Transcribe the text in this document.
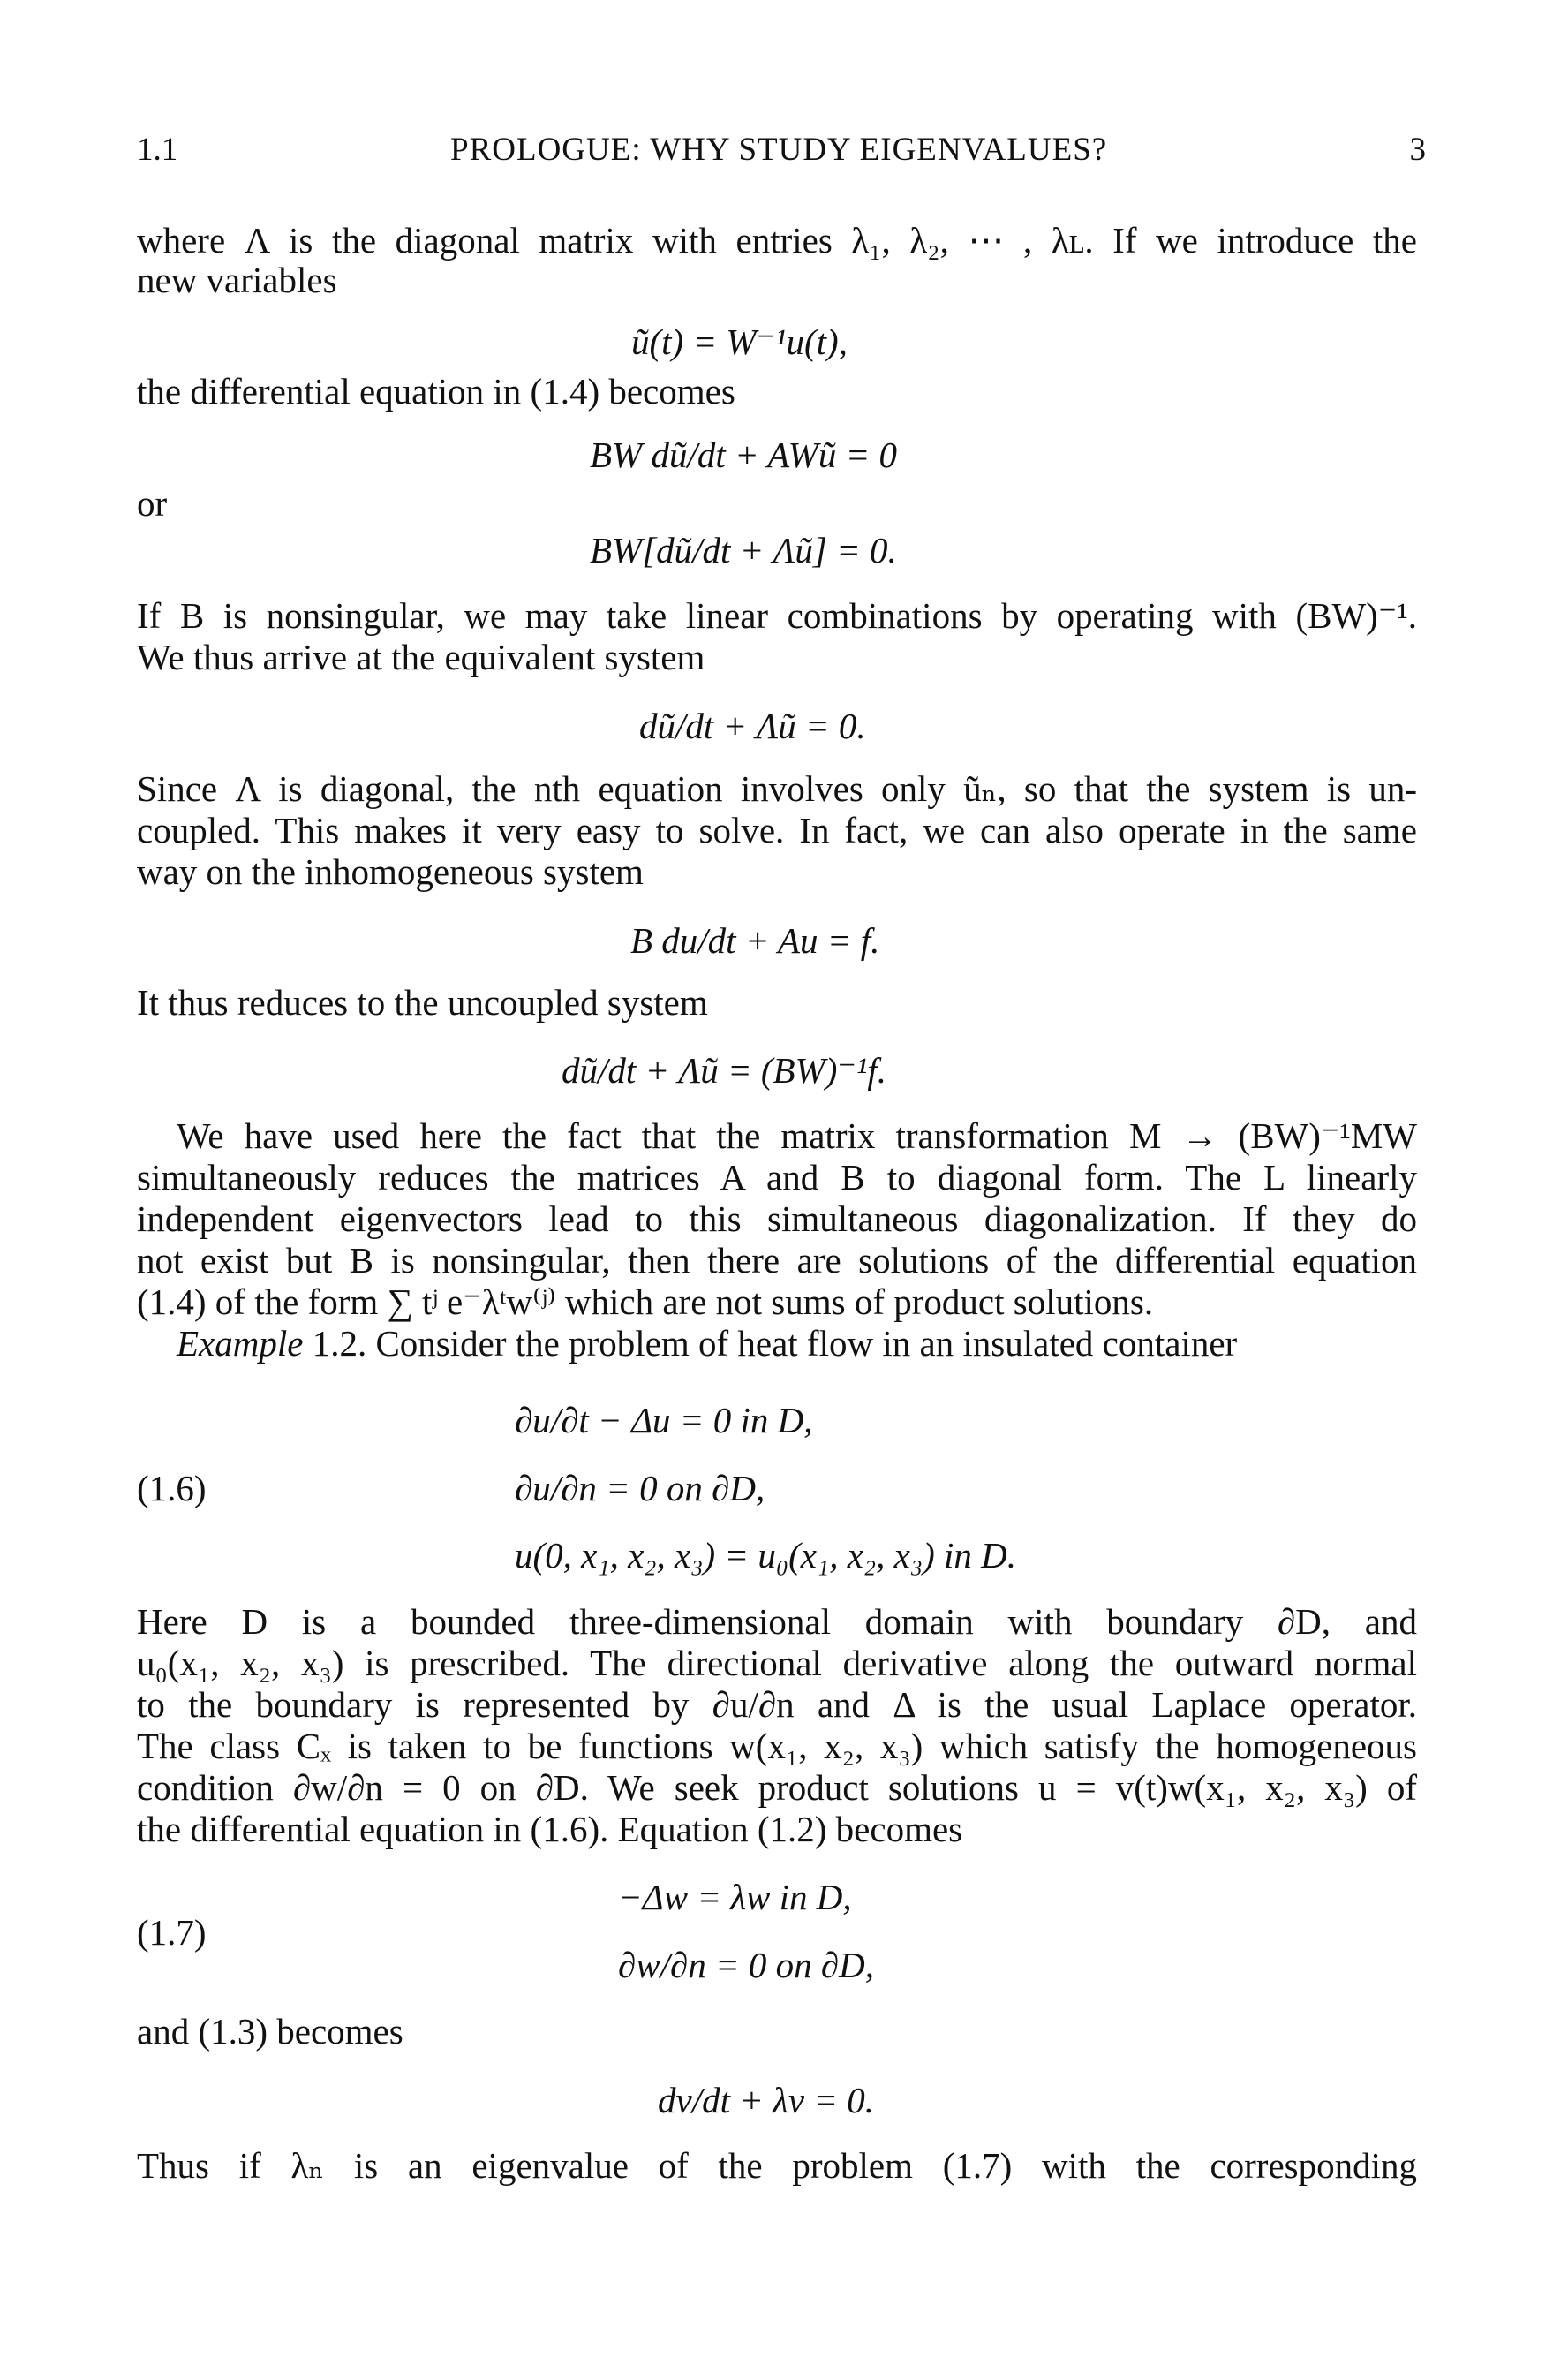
1.1	PROLOGUE: WHY STUDY EIGENVALUES?	3
where Λ is the diagonal matrix with entries λ₁, λ₂, ⋯ , λʟ. If we introduce the
new variables
ũ(t) = W⁻¹u(t),
the differential equation in (1.4) becomes
BW dũ/dt + AWũ = 0
or
BW[dũ/dt + Λũ] = 0.
If B is nonsingular, we may take linear combinations by operating with (BW)⁻¹.
We thus arrive at the equivalent system
dũ/dt + Λũ = 0.
Since Λ is diagonal, the nth equation involves only ũₙ, so that the system is un-
coupled. This makes it very easy to solve. In fact, we can also operate in the same
way on the inhomogeneous system
B du/dt + Au = f.
It thus reduces to the uncoupled system
dũ/dt + Λũ = (BW)⁻¹f.
We have used here the fact that the matrix transformation M → (BW)⁻¹MW
simultaneously reduces the matrices A and B to diagonal form. The L linearly
independent eigenvectors lead to this simultaneous diagonalization. If they do
not exist but B is nonsingular, then there are solutions of the differential equation
(1.4) of the form ∑ tʲ e⁻λᵗw⁽ʲ⁾ which are not sums of product solutions.
Example 1.2. Consider the problem of heat flow in an insulated container
∂u/∂t − Δu = 0 in D,
(1.6)	∂u/∂n = 0 on ∂D,
u(0, x₁, x₂, x₃) = u₀(x₁, x₂, x₃) in D.
Here D is a bounded three-dimensional domain with boundary ∂D, and
u₀(x₁, x₂, x₃) is prescribed. The directional derivative along the outward normal
to the boundary is represented by ∂u/∂n and Δ is the usual Laplace operator.
The class Cₓ is taken to be functions w(x₁, x₂, x₃) which satisfy the homogeneous
condition ∂w/∂n = 0 on ∂D. We seek product solutions u = v(t)w(x₁, x₂, x₃) of
the differential equation in (1.6). Equation (1.2) becomes
−Δw = λw in D,
(1.7)
∂w/∂n = 0 on ∂D,
and (1.3) becomes
dv/dt + λv = 0.
Thus if λₙ is an eigenvalue of the problem (1.7) with the corresponding
